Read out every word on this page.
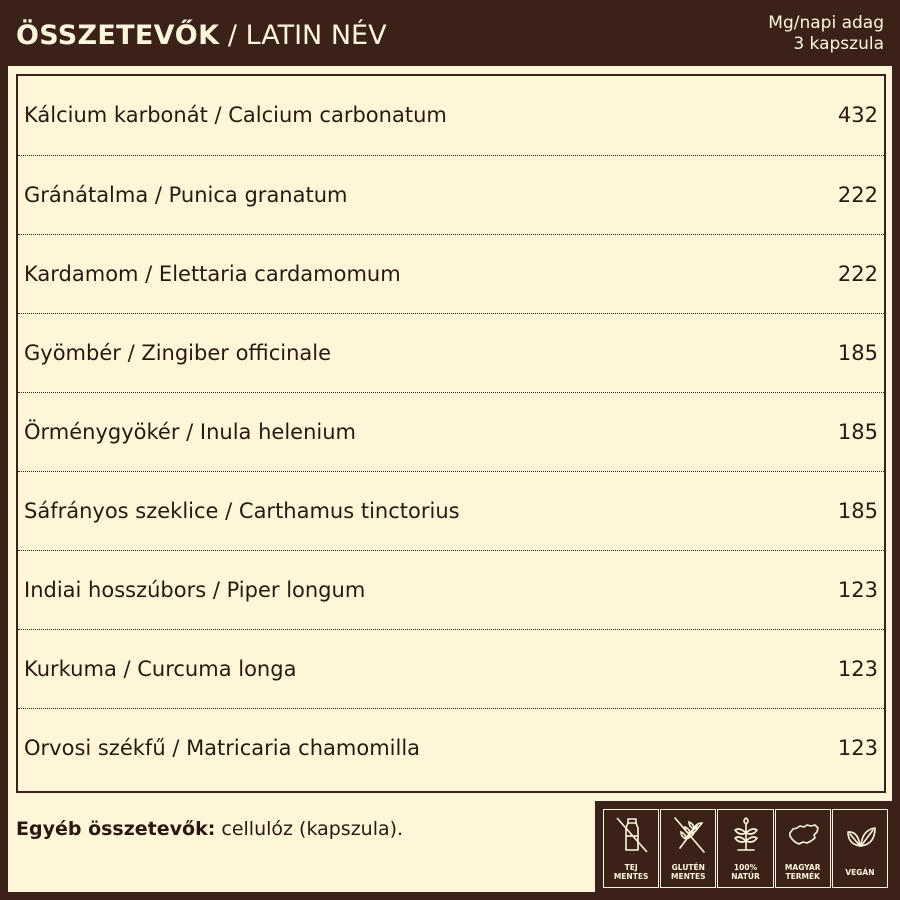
ÖSSZETEVŐK / LATIN NÉV	Mg/napi adag
3 kapszula
Kálcium karbonát / Calcium carbonatum	432
Gránátalma / Punica granatum	222
Kardamom / Elettaria cardamomum	222
Gyömbér / Zingiber officinale	185
Örménygyökér / Inula helenium	185
Sáfrányos szeklice / Carthamus tinctorius	185
Indiai hosszúbors / Piper longum	123
Kurkuma / Curcuma longa	123
Orvosi székfű / Matricaria chamomilla	123
Egyéb összetevők: cellulóz (kapszula).
TEJ
MENTES
GLUTÉN
MENTES
100%
NATÚR
MAGYAR
TERMÉK	VEGÁN
